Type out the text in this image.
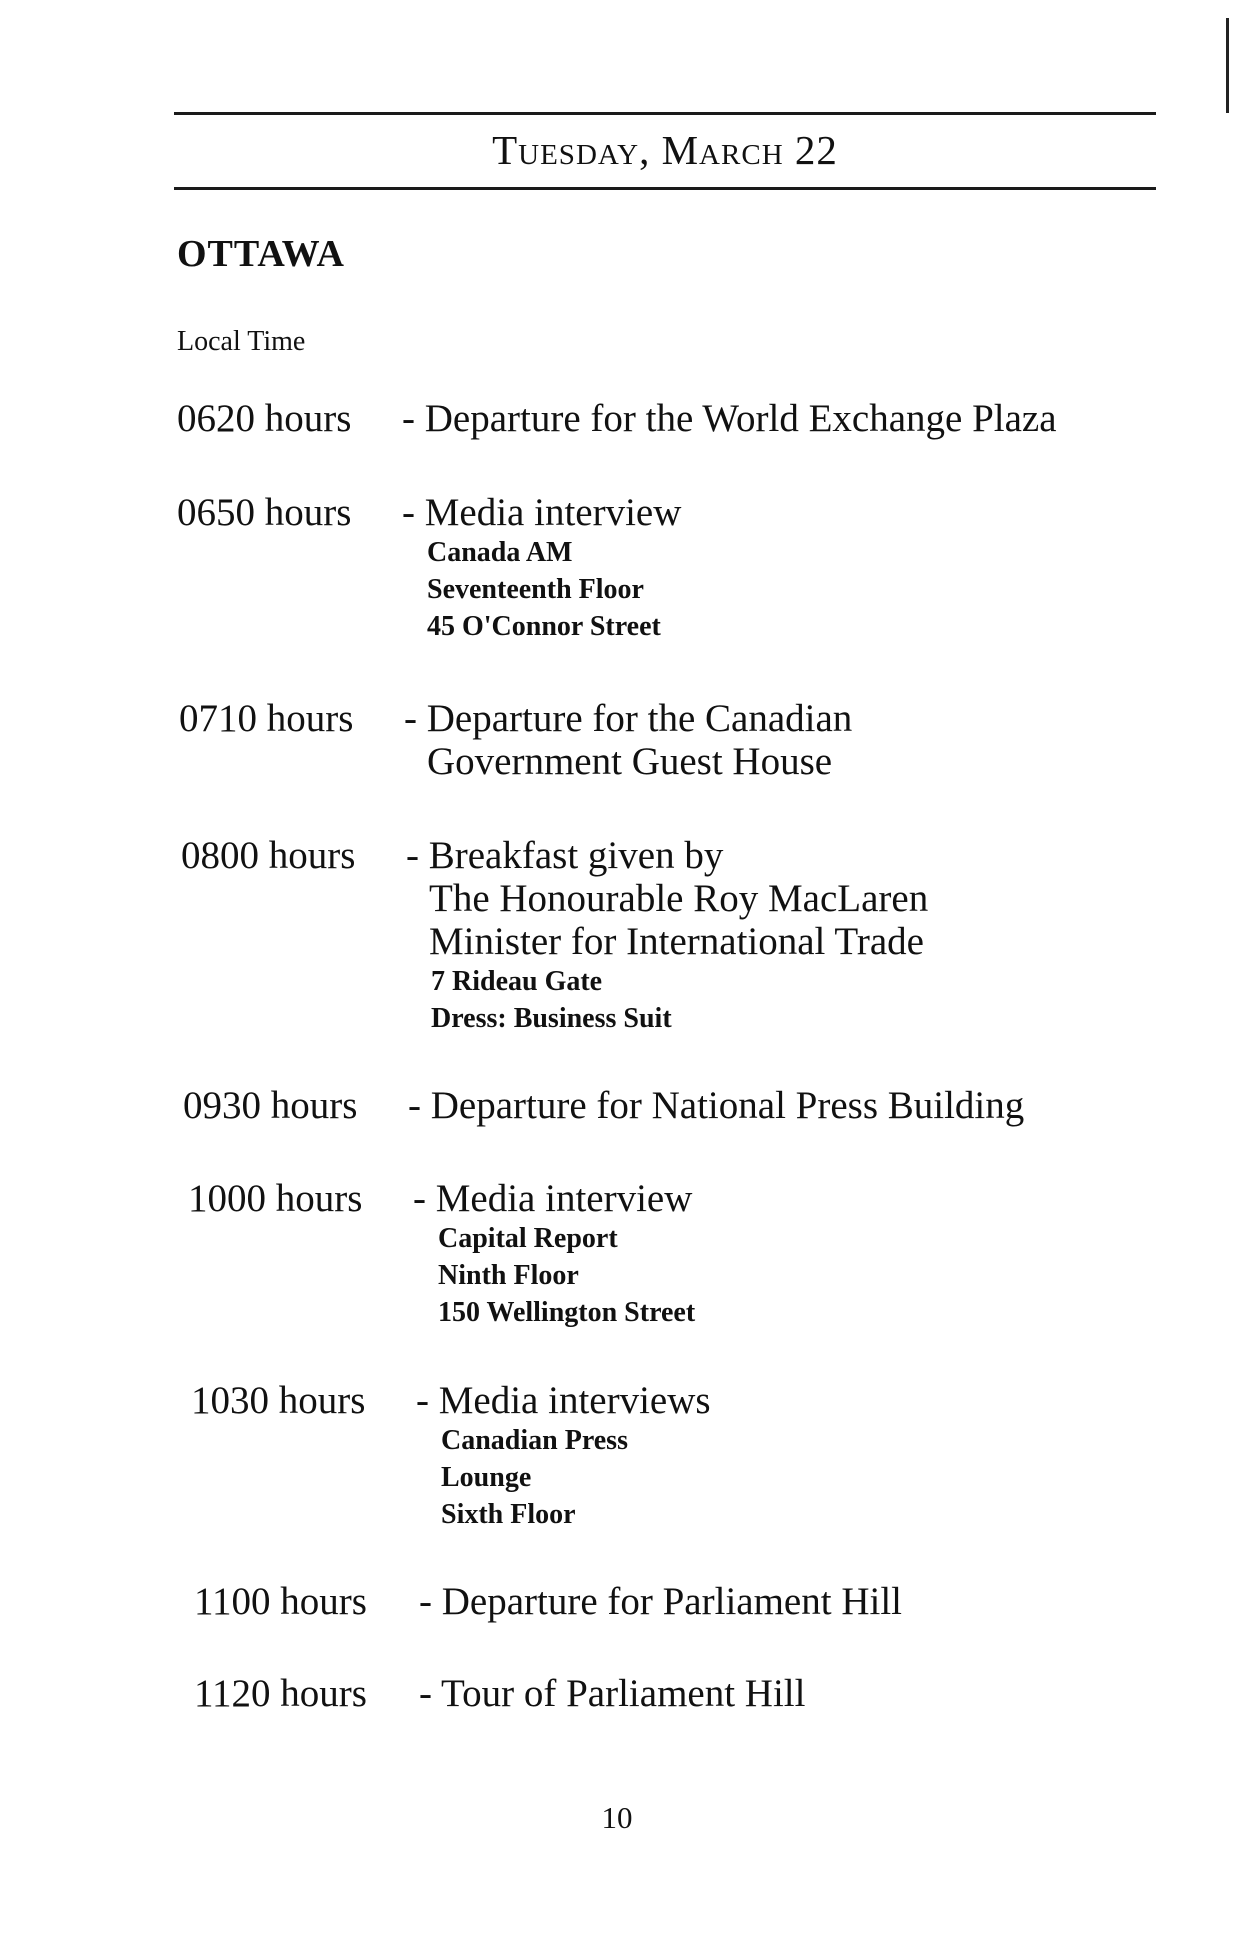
Tuesday, March 22
OTTAWA
Local Time
0620 hours	- Departure for the World Exchange Plaza
0650 hours	- Media interview
Canada AM
Seventeenth Floor
45 O'Connor Street
0710 hours	- Departure for the Canadian
Government Guest House
0800 hours	- Breakfast given by
The Honourable Roy MacLaren
Minister for International Trade
7 Rideau Gate
Dress: Business Suit
0930 hours	- Departure for National Press Building
1000 hours	- Media interview
Capital Report
Ninth Floor
150 Wellington Street
1030 hours	- Media interviews
Canadian Press
Lounge
Sixth Floor
1100 hours	- Departure for Parliament Hill
1120 hours	- Tour of Parliament Hill
10
